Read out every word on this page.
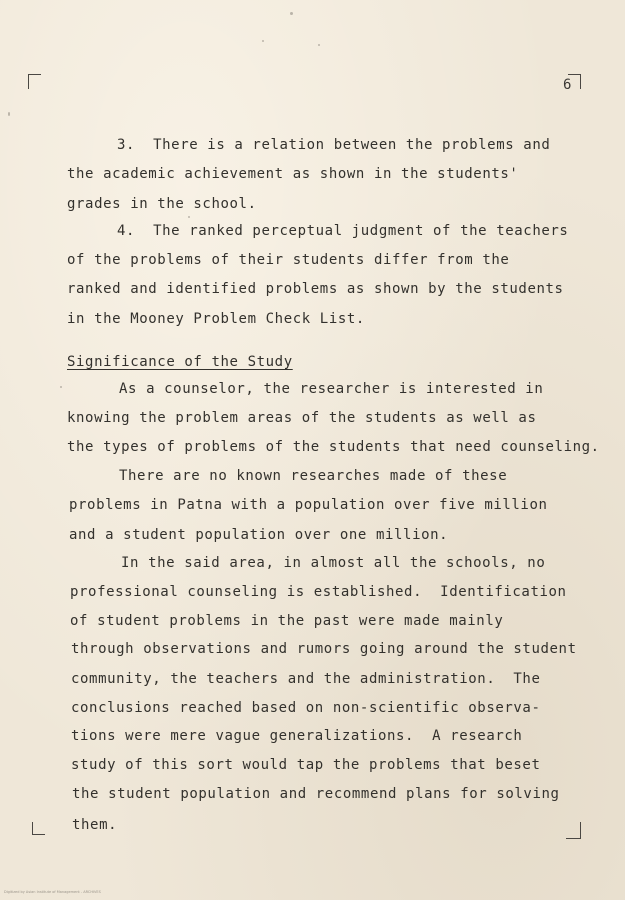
6
3.  There is a relation between the problems and
the academic achievement as shown in the students'
grades in the school.
4.  The ranked perceptual judgment of the teachers
of the problems of their students differ from the
ranked and identified problems as shown by the students
in the Mooney Problem Check List.
Significance of the Study
As a counselor, the researcher is interested in
knowing the problem areas of the students as well as
the types of problems of the students that need counseling.
There are no known researches made of these
problems in Patna with a population over five million
and a student population over one million.
In the said area, in almost all the schools, no
professional counseling is established.  Identification
of student problems in the past were made mainly
through observations and rumors going around the student
community, the teachers and the administration.  The
conclusions reached based on non-scientific observa-
tions were mere vague generalizations.  A research
study of this sort would tap the problems that beset
the student population and recommend plans for solving
them.
Digitized by Asian Institute of Management - ARCHIVES
